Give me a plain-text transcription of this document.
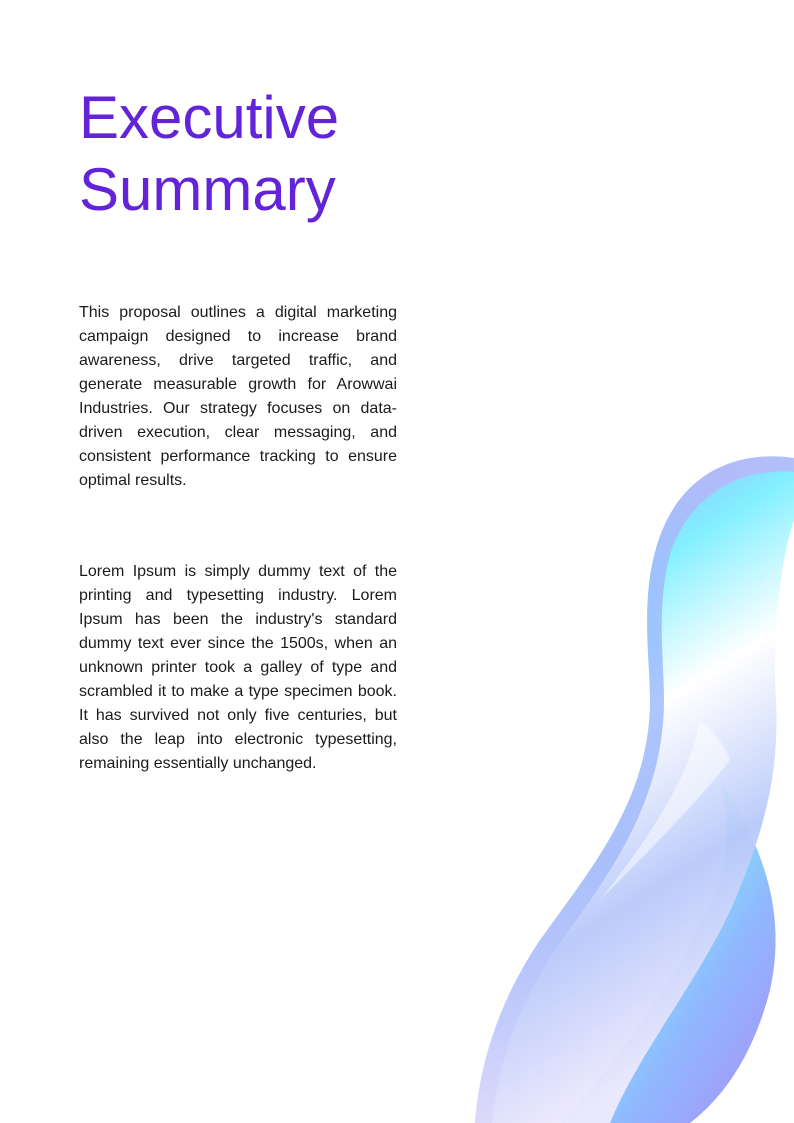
Executive
Summary

This proposal outlines a digital marketing campaign designed to increase brand awareness, drive targeted traffic, and generate measurable growth for Arowwai Industries. Our strategy focuses on data-driven execution, clear messaging, and consistent performance tracking to ensure optimal results.

Lorem Ipsum is simply dummy text of the printing and typesetting industry. Lorem Ipsum has been the industry's standard dummy text ever since the 1500s, when an unknown printer took a galley of type and scrambled it to make a type specimen book. It has survived not only five centuries, but also the leap into electronic typesetting, remaining essentially unchanged.
